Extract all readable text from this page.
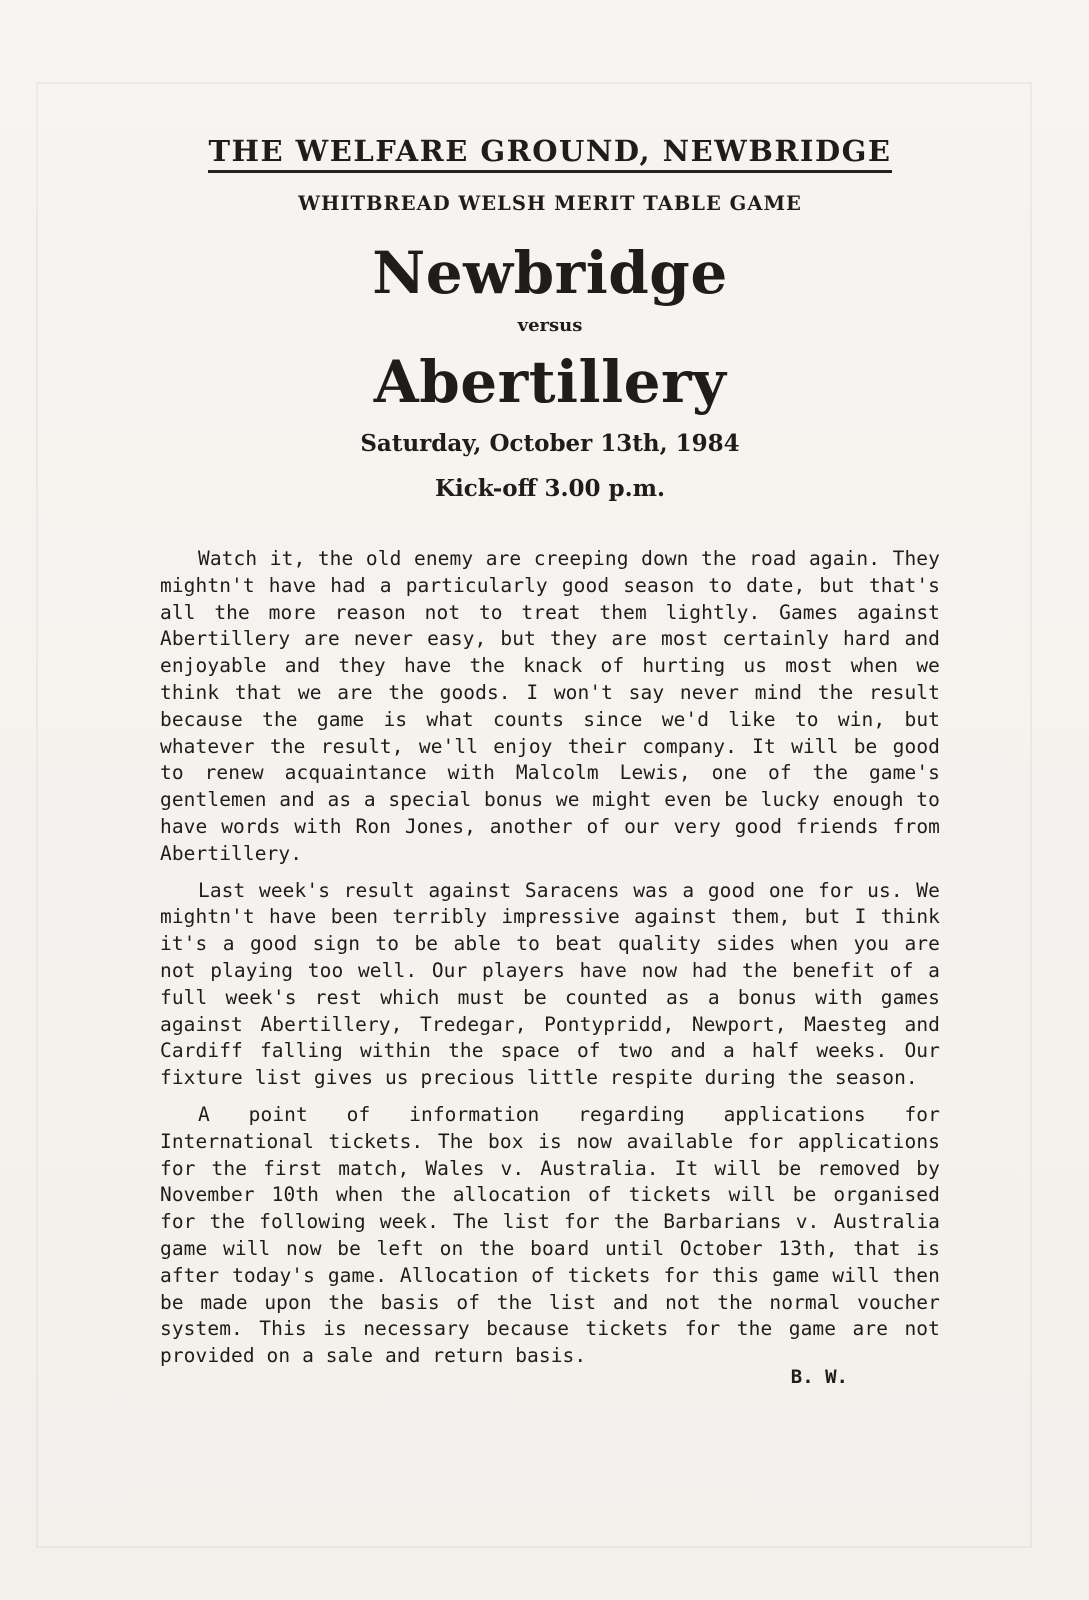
THE WELFARE GROUND, NEWBRIDGE
WHITBREAD WELSH MERIT TABLE GAME
Newbridge
versus
Abertillery
Saturday, October 13th, 1984
Kick-off 3.00 p.m.

Watch it, the old enemy are creeping down the road again. They mightn't have had a particularly good season to date, but that's all the more reason not to treat them lightly. Games against Abertillery are never easy, but they are most certainly hard and enjoyable and they have the knack of hurting us most when we think that we are the goods. I won't say never mind the result because the game is what counts since we'd like to win, but whatever the result, we'll enjoy their company. It will be good to renew acquaintance with Malcolm Lewis, one of the game's gentlemen and as a special bonus we might even be lucky enough to have words with Ron Jones, another of our very good friends from Abertillery.

Last week's result against Saracens was a good one for us. We mightn't have been terribly impressive against them, but I think it's a good sign to be able to beat quality sides when you are not playing too well. Our players have now had the benefit of a full week's rest which must be counted as a bonus with games against Abertillery, Tredegar, Pontypridd, Newport, Maesteg and Cardiff falling within the space of two and a half weeks. Our fixture list gives us precious little respite during the season.

A point of information regarding applications for International tickets. The box is now available for applications for the first match, Wales v. Australia. It will be removed by November 10th when the allocation of tickets will be organised for the following week. The list for the Barbarians v. Australia game will now be left on the board until October 13th, that is after today's game. Allocation of tickets for this game will then be made upon the basis of the list and not the normal voucher system. This is necessary because tickets for the game are not provided on a sale and return basis.

B. W.
